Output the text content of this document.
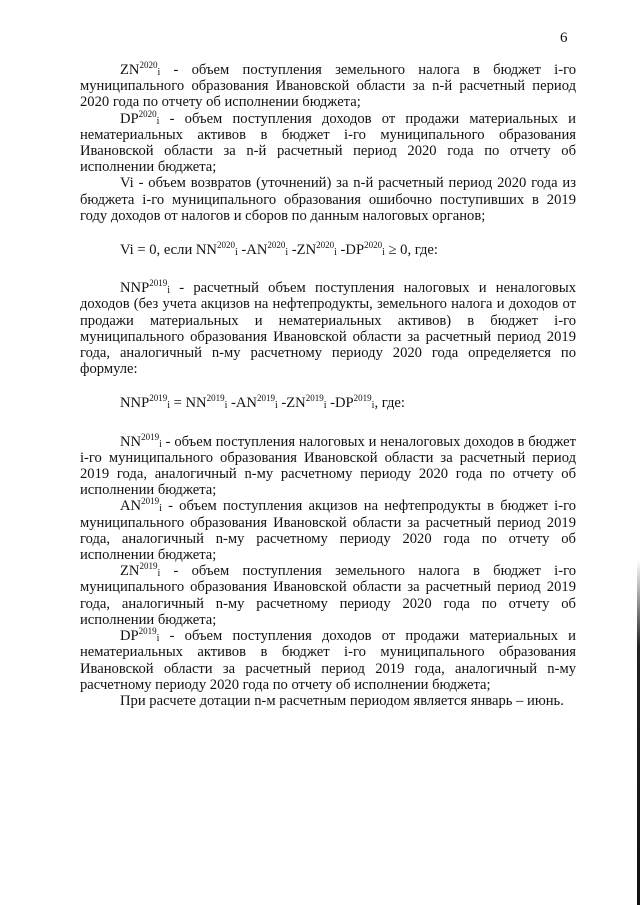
6

$ZN^{2020}_i$ - объем поступления земельного налога в бюджет i-го муниципального образования Ивановской области за n-й расчетный период 2020 года по отчету об исполнении бюджета;

$DP^{2020}_i$ - объем поступления доходов от продажи материальных и нематериальных активов в бюджет i-го муниципального образования Ивановской области за n-й расчетный период 2020 года по отчету об исполнении бюджета;

Vi - объем возвратов (уточнений) за n-й расчетный период 2020 года из бюджета i-го муниципального образования ошибочно поступивших в 2019 году доходов от налогов и сборов по данным налоговых органов;

Vi = 0, если $NN^{2020}_i$ $-AN^{2020}_i$ $-ZN^{2020}_i$ $-DP^{2020}_i \ge 0$, где:

$NNP^{2019}_i$ - расчетный объем поступления налоговых и неналоговых доходов (без учета акцизов на нефтепродукты, земельного налога и доходов от продажи материальных и нематериальных активов) в бюджет i-го муниципального образования Ивановской области за расчетный период 2019 года, аналогичный n-му расчетному периоду 2020 года определяется по формуле:

$NNP^{2019}_i = NN^{2019}_i$ $-AN^{2019}_i$ $-ZN^{2019}_i$ $-DP^{2019}_i$, где:

$NN^{2019}_i$ - объем поступления налоговых и неналоговых доходов в бюджет i-го муниципального образования Ивановской области за расчетный период 2019 года, аналогичный n-му расчетному периоду 2020 года по отчету об исполнении бюджета;

$AN^{2019}_i$ - объем поступления акцизов на нефтепродукты в бюджет i-го муниципального образования Ивановской области за расчетный период 2019 года, аналогичный n-му расчетному периоду 2020 года по отчету об исполнении бюджета;

$ZN^{2019}_i$ - объем поступления земельного налога в бюджет i-го муниципального образования Ивановской области за расчетный период 2019 года, аналогичный n-му расчетному периоду 2020 года по отчету об исполнении бюджета;

$DP^{2019}_i$ - объем поступления доходов от продажи материальных и нематериальных активов в бюджет i-го муниципального образования Ивановской области за расчетный период 2019 года, аналогичный n-му расчетному периоду 2020 года по отчету об исполнении бюджета;

При расчете дотации n-м расчетным периодом является январь – июнь.
